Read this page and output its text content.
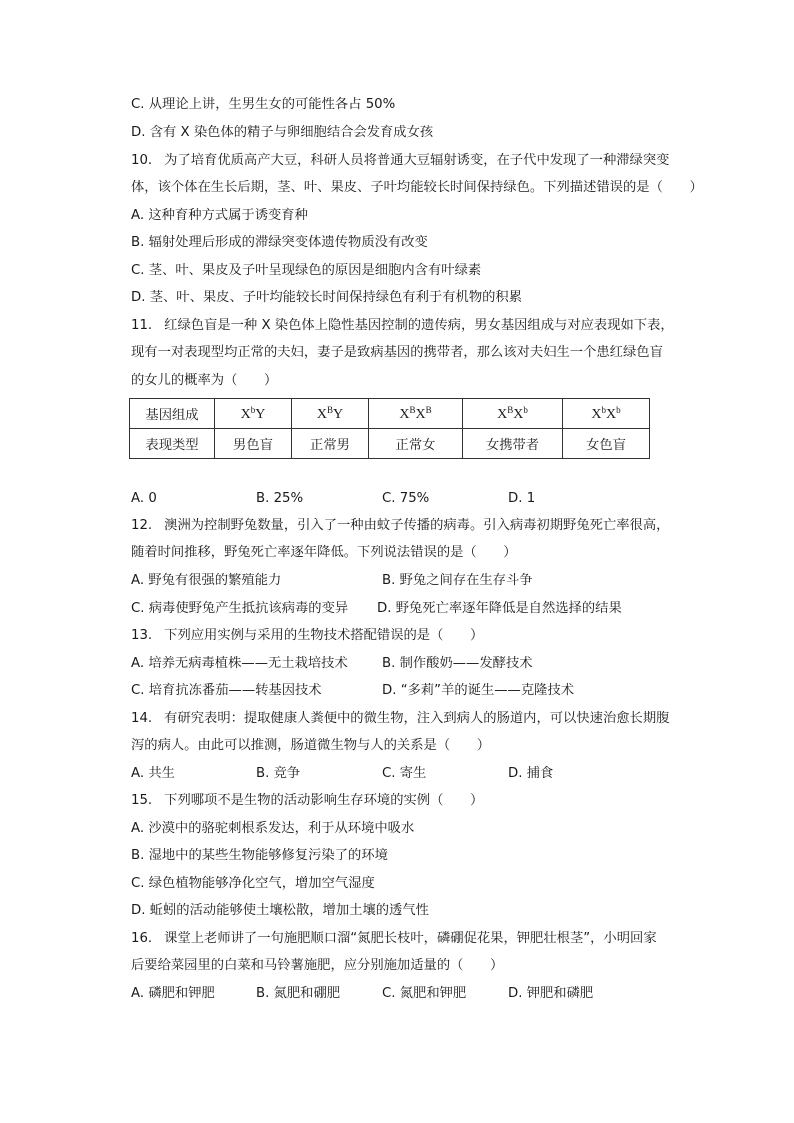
C. 从理论上讲，生男生女的可能性各占 50%
D. 含有 X 染色体的精子与卵细胞结合会发育成女孩
10. 为了培育优质高产大豆，科研人员将普通大豆辐射诱变，在子代中发现了一种滞绿突变
体，该个体在生长后期，茎、叶、果皮、子叶均能较长时间保持绿色。下列描述错误的是（　　）
A. 这种育种方式属于诱变育种
B. 辐射处理后形成的滞绿突变体遗传物质没有改变
C. 茎、叶、果皮及子叶呈现绿色的原因是细胞内含有叶绿素
D. 茎、叶、果皮、子叶均能较长时间保持绿色有利于有机物的积累
11. 红绿色盲是一种 X 染色体上隐性基因控制的遗传病，男女基因组成与对应表现如下表，
现有一对表现型均正常的夫妇，妻子是致病基因的携带者，那么该对夫妇生一个患红绿色盲
的女儿的概率为（　　）
基因组成	$X^bY$	$X^BY$	$X^BX^B$	$X^BX^b$	$X^bX^b$
表现类型	男色盲	正常男	正常女	女携带者	女色盲
A. 0	B. 25%	C. 75%	D. 1
12. 澳洲为控制野兔数量，引入了一种由蚊子传播的病毒。引入病毒初期野兔死亡率很高，
随着时间推移，野兔死亡率逐年降低。下列说法错误的是（　　）
A. 野兔有很强的繁殖能力	B. 野兔之间存在生存斗争
C. 病毒使野兔产生抵抗该病毒的变异 D. 野兔死亡率逐年降低是自然选择的结果
13. 下列应用实例与采用的生物技术搭配错误的是（　　）
A. 培养无病毒植株——无土栽培技术	B. 制作酸奶——发酵技术
C. 培育抗冻番茄——转基因技术	D. “多莉”羊的诞生——克隆技术
14. 有研究表明：提取健康人粪便中的微生物，注入到病人的肠道内，可以快速治愈长期腹
泻的病人。由此可以推测，肠道微生物与人的关系是（　　）
A. 共生	B. 竞争	C. 寄生	D. 捕食
15. 下列哪项不是生物的活动影响生存环境的实例（　　）
A. 沙漠中的骆驼刺根系发达，利于从环境中吸水
B. 湿地中的某些生物能够修复污染了的环境
C. 绿色植物能够净化空气，增加空气湿度
D. 蚯蚓的活动能够使土壤松散，增加土壤的透气性
16. 课堂上老师讲了一句施肥顺口溜“氮肥长枝叶，磷硼促花果，钾肥壮根茎”，小明回家
后要给菜园里的白菜和马铃薯施肥，应分别施加适量的（　　）
A. 磷肥和钾肥	B. 氮肥和硼肥	C. 氮肥和钾肥	D. 钾肥和磷肥
